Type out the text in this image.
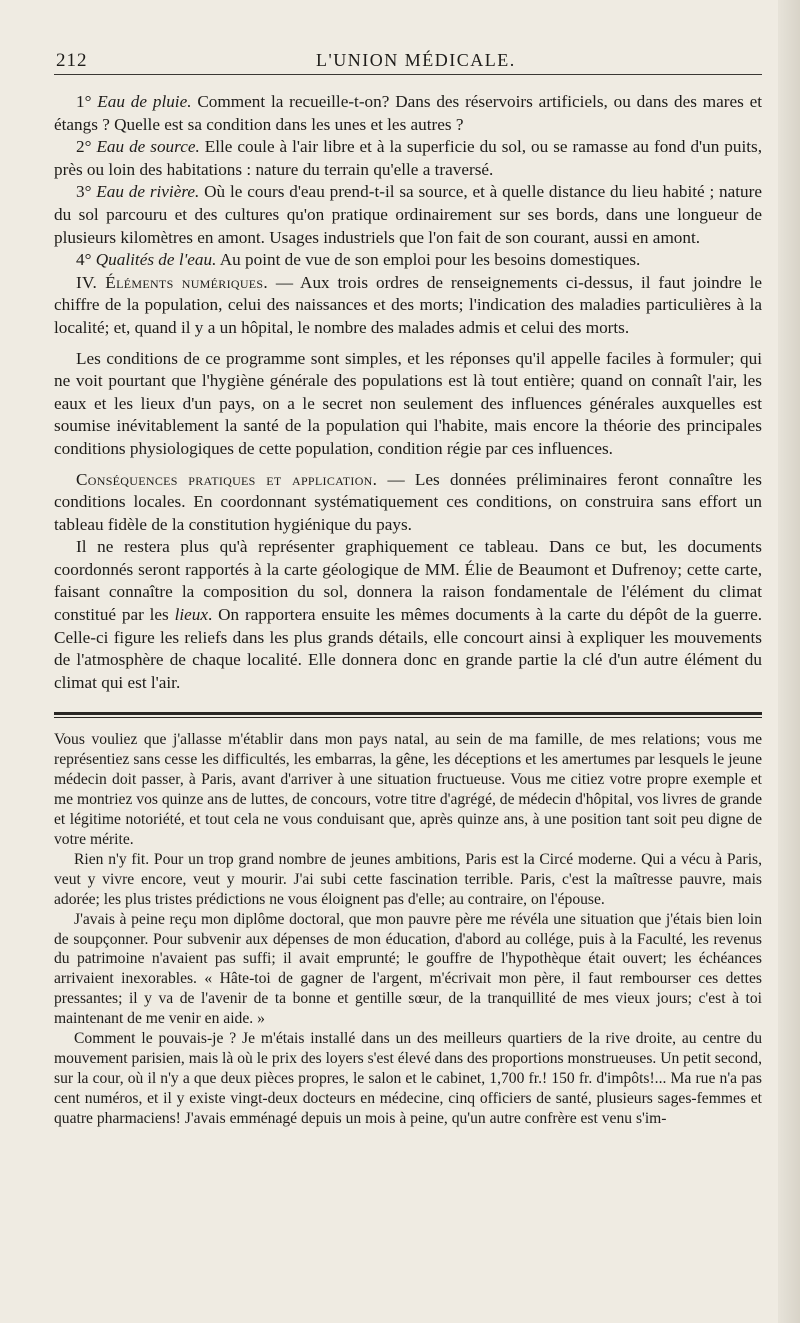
212	L'UNION MÉDICALE.

1° Eau de pluie. Comment la recueille-t-on? Dans des réservoirs artificiels, ou dans des mares et étangs ? Quelle est sa condition dans les unes et les autres ?

2° Eau de source. Elle coule à l'air libre et à la superficie du sol, ou se ramasse au fond d'un puits, près ou loin des habitations : nature du terrain qu'elle a traversé.

3° Eau de rivière. Où le cours d'eau prend-t-il sa source, et à quelle distance du lieu habité ; nature du sol parcouru et des cultures qu'on pratique ordinairement sur ses bords, dans une longueur de plusieurs kilomètres en amont. Usages industriels que l'on fait de son courant, aussi en amont.

4° Qualités de l'eau. Au point de vue de son emploi pour les besoins domestiques.

IV. Éléments numériques. — Aux trois ordres de renseignements ci-dessus, il faut joindre le chiffre de la population, celui des naissances et des morts; l'indication des maladies particulières à la localité; et, quand il y a un hôpital, le nombre des malades admis et celui des morts.

Les conditions de ce programme sont simples, et les réponses qu'il appelle faciles à formuler; qui ne voit pourtant que l'hygiène générale des populations est là tout entière; quand on connaît l'air, les eaux et les lieux d'un pays, on a le secret non seulement des influences générales auxquelles est soumise inévitablement la santé de la population qui l'habite, mais encore la théorie des principales conditions physiologiques de cette population, condition régie par ces influences.

Conséquences pratiques et application. — Les données préliminaires feront connaître les conditions locales. En coordonnant systématiquement ces conditions, on construira sans effort un tableau fidèle de la constitution hygiénique du pays.

Il ne restera plus qu'à représenter graphiquement ce tableau. Dans ce but, les documents coordonnés seront rapportés à la carte géologique de MM. Élie de Beaumont et Dufrenoy; cette carte, faisant connaître la composition du sol, donnera la raison fondamentale de l'élément du climat constitué par les lieux. On rapportera ensuite les mêmes documents à la carte du dépôt de la guerre. Celle-ci figure les reliefs dans les plus grands détails, elle concourt ainsi à expliquer les mouvements de l'atmosphère de chaque localité. Elle donnera donc en grande partie la clé d'un autre élément du climat qui est l'air.

Vous vouliez que j'allasse m'établir dans mon pays natal, au sein de ma famille, de mes relations; vous me représentiez sans cesse les difficultés, les embarras, la gêne, les déceptions et les amertumes par lesquels le jeune médecin doit passer, à Paris, avant d'arriver à une situation fructueuse. Vous me citiez votre propre exemple et me montriez vos quinze ans de luttes, de concours, votre titre d'agrégé, de médecin d'hôpital, vos livres de grande et légitime notoriété, et tout cela ne vous conduisant que, après quinze ans, à une position tant soit peu digne de votre mérite.

Rien n'y fit. Pour un trop grand nombre de jeunes ambitions, Paris est la Circé moderne. Qui a vécu à Paris, veut y vivre encore, veut y mourir. J'ai subi cette fascination terrible. Paris, c'est la maîtresse pauvre, mais adorée; les plus tristes prédictions ne vous éloignent pas d'elle; au contraire, on l'épouse.

J'avais à peine reçu mon diplôme doctoral, que mon pauvre père me révéla une situation que j'étais bien loin de soupçonner. Pour subvenir aux dépenses de mon éducation, d'abord au collége, puis à la Faculté, les revenus du patrimoine n'avaient pas suffi; il avait emprunté; le gouffre de l'hypothèque était ouvert; les échéances arrivaient inexorables. « Hâte-toi de gagner de l'argent, m'écrivait mon père, il faut rembourser ces dettes pressantes; il y va de l'avenir de ta bonne et gentille sœur, de la tranquillité de mes vieux jours; c'est à toi maintenant de me venir en aide. »

Comment le pouvais-je ? Je m'étais installé dans un des meilleurs quartiers de la rive droite, au centre du mouvement parisien, mais là où le prix des loyers s'est élevé dans des proportions monstrueuses. Un petit second, sur la cour, où il n'y a que deux pièces propres, le salon et le cabinet, 1,700 fr.! 150 fr. d'impôts!... Ma rue n'a pas cent numéros, et il y existe vingt-deux docteurs en médecine, cinq officiers de santé, plusieurs sages-femmes et quatre pharmaciens! J'avais emménagé depuis un mois à peine, qu'un autre confrère est venu s'im-
